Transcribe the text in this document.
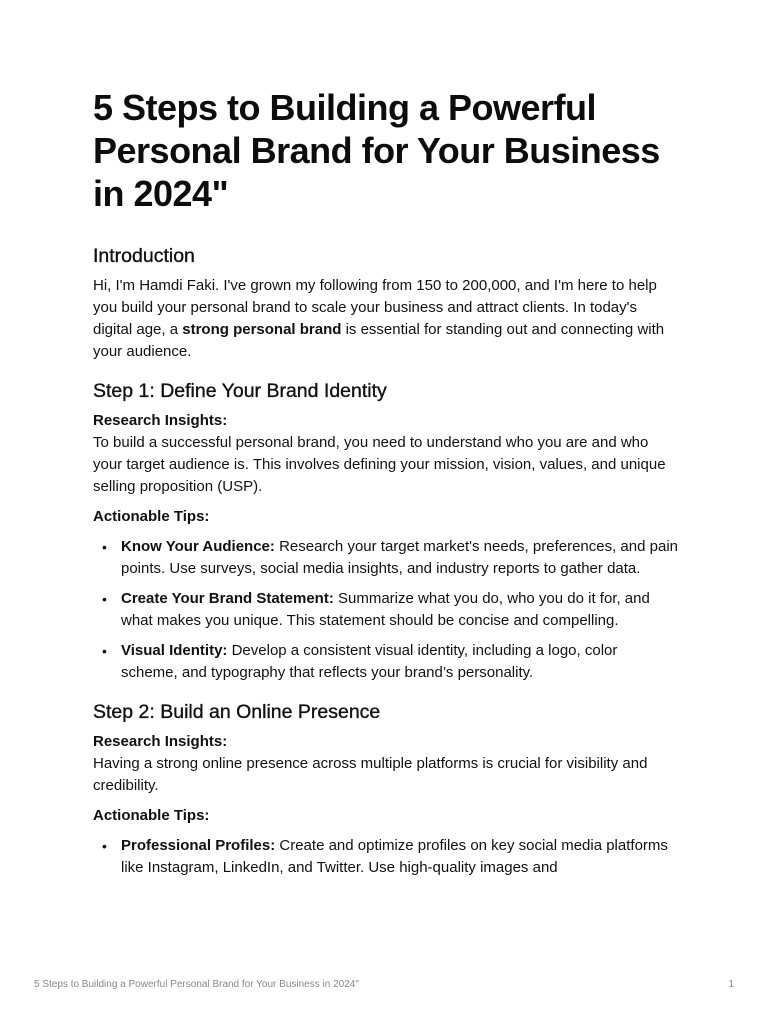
5 Steps to Building a Powerful Personal Brand for Your Business in 2024"
Introduction

Hi, I'm Hamdi Faki. I've grown my following from 150 to 200,000, and I'm here to help you build your personal brand to scale your business and attract clients. In today's digital age, a strong personal brand is essential for standing out and connecting with your audience.

Step 1: Define Your Brand Identity
Research Insights:

To build a successful personal brand, you need to understand who you are and who your target audience is. This involves defining your mission, vision, values, and unique selling proposition (USP).

Actionable Tips:
• Know Your Audience: Research your target market's needs, preferences, and pain points. Use surveys, social media insights, and industry reports to gather data.
• Create Your Brand Statement: Summarize what you do, who you do it for, and what makes you unique. This statement should be concise and compelling.
• Visual Identity: Develop a consistent visual identity, including a logo, color scheme, and typography that reflects your brand’s personality.
Step 2: Build an Online Presence
Research Insights:

Having a strong online presence across multiple platforms is crucial for visibility and credibility.

Actionable Tips:
• Professional Profiles: Create and optimize profiles on key social media platforms like Instagram, LinkedIn, and Twitter. Use high-quality images and
5 Steps to Building a Powerful Personal Brand for Your Business in 2024"	1
